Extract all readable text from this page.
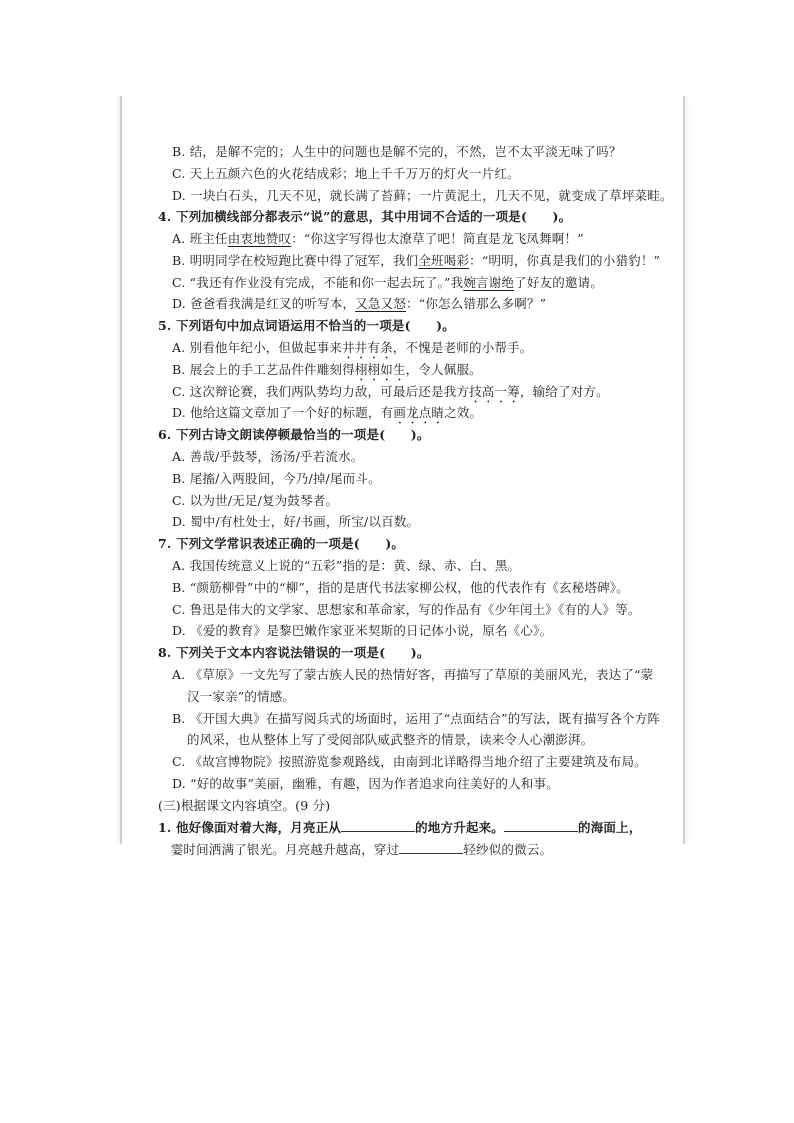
B. 结，是解不完的；人生中的问题也是解不完的，不然，岂不太平淡无味了吗？
C. 天上五颜六色的火花结成彩；地上千千万万的灯火一片红。
D. 一块白石头，几天不见，就长满了苔藓；一片黄泥土，几天不见，就变成了草坪菜畦。
4. 下列加横线部分都表示“说”的意思，其中用词不合适的一项是(　　)。
A. 班主任由衷地赞叹：“你这字写得也太潦草了吧！简直是龙飞凤舞啊！”
B. 明明同学在校短跑比赛中得了冠军，我们全班喝彩：“明明，你真是我们的小猎豹！”
C. “我还有作业没有完成，不能和你一起去玩了。”我婉言谢绝了好友的邀请。
D. 爸爸看我满是红叉的听写本，又急又怒：“你怎么错那么多啊？”
5. 下列语句中加点词语运用不恰当的一项是(　　)。
A. 别看他年纪小，但做起事来井井有条，不愧是老师的小帮手。
B. 展会上的手工艺品件件雕刻得栩栩如生，令人佩服。
C. 这次辩论赛，我们两队势均力敌，可最后还是我方技高一筹，输给了对方。
D. 他给这篇文章加了一个好的标题，有画龙点睛之效。
6. 下列古诗文朗读停顿最恰当的一项是(　　)。
A. 善哉/乎鼓琴，汤汤/乎若流水。
B. 尾搐/入两股间，今乃/掉/尾而斗。
C. 以为世/无足/复为鼓琴者。
D. 蜀中/有杜处士，好/书画，所宝/以百数。
7. 下列文学常识表述正确的一项是(　　)。
A. 我国传统意义上说的“五彩”指的是：黄、绿、赤、白、黑。
B. “颜筋柳骨”中的“柳”，指的是唐代书法家柳公权，他的代表作有《玄秘塔碑》。
C. 鲁迅是伟大的文学家、思想家和革命家，写的作品有《少年闰土》《有的人》等。
D. 《爱的教育》是黎巴嫩作家亚米契斯的日记体小说，原名《心》。
8. 下列关于文本内容说法错误的一项是(　　)。
A. 《草原》一文先写了蒙古族人民的热情好客，再描写了草原的美丽风光，表达了“蒙
汉一家亲”的情感。
B. 《开国大典》在描写阅兵式的场面时，运用了“点面结合”的写法，既有描写各个方阵
的风采，也从整体上写了受阅部队威武整齐的情景，读来令人心潮澎湃。
C. 《故宫博物院》按照游览参观路线，由南到北详略得当地介绍了主要建筑及布局。
D. “好的故事”美丽，幽雅，有趣，因为作者追求向往美好的人和事。
(三)根据课文内容填空。(9 分)
1. 他好像面对着大海，月亮正从	的地方升起来。	的海面上，
　霎时间洒满了银光。月亮越升越高，穿过	轻纱似的微云。
